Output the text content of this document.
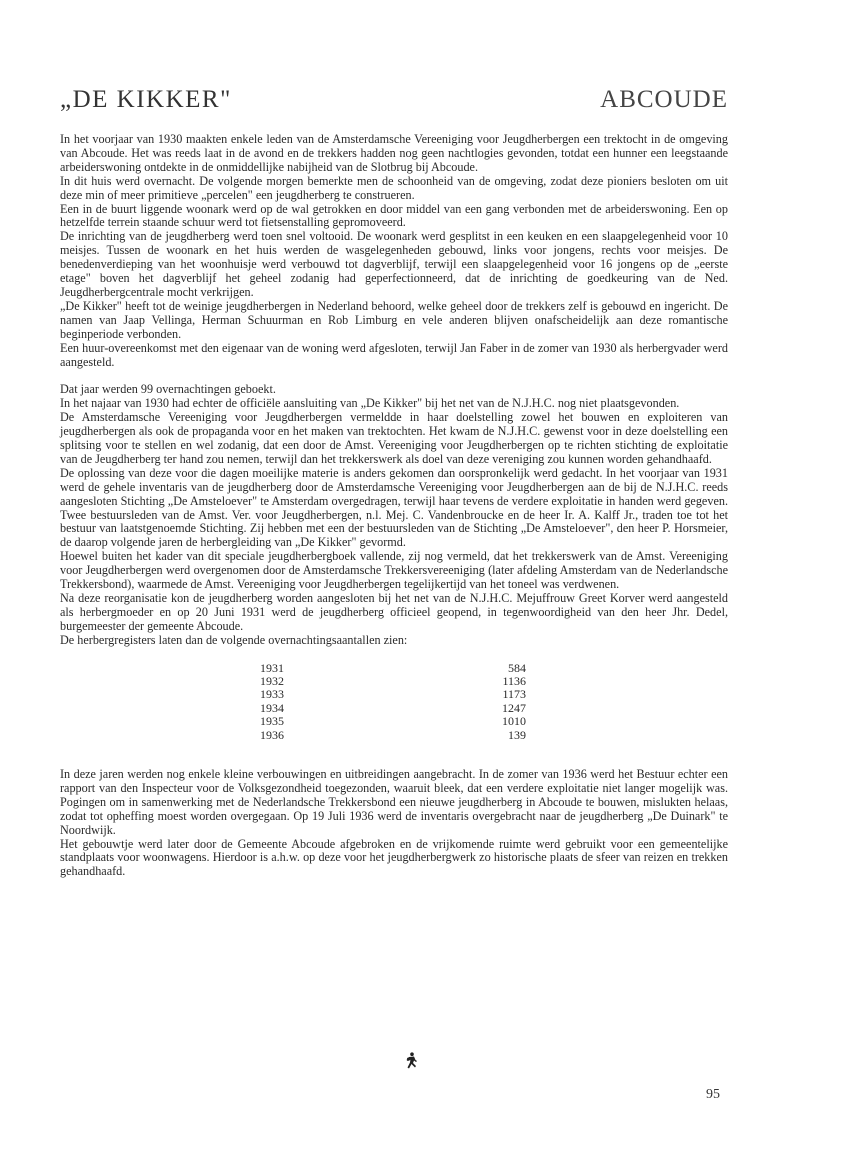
„DE KIKKER"	ABCOUDE

In het voorjaar van 1930 maakten enkele leden van de Amsterdamsche Vereeniging voor Jeugdherbergen een trektocht in de omgeving van Abcoude. Het was reeds laat in de avond en de trekkers hadden nog geen nachtlogies gevonden, totdat een hunner een leegstaande arbeiderswoning ontdekte in de onmiddellijke nabijheid van de Slotbrug bij Abcoude.

In dit huis werd overnacht. De volgende morgen bemerkte men de schoonheid van de omgeving, zodat deze pioniers besloten om uit deze min of meer primitieve „percelen" een jeugdherberg te construeren.

Een in de buurt liggende woonark werd op de wal getrokken en door middel van een gang verbonden met de arbeiderswoning. Een op hetzelfde terrein staande schuur werd tot fietsenstalling gepromoveerd.

De inrichting van de jeugdherberg werd toen snel voltooid. De woonark werd gesplitst in een keuken en een slaapgelegenheid voor 10 meisjes. Tussen de woonark en het huis werden de wasgelegenheden gebouwd, links voor jongens, rechts voor meisjes. De benedenverdieping van het woonhuisje werd verbouwd tot dagverblijf, terwijl een slaapgelegenheid voor 16 jongens op de „eerste etage" boven het dagverblijf het geheel zodanig had geperfectionneerd, dat de inrichting de goedkeuring van de Ned. Jeugdherbergcentrale mocht verkrijgen.

„De Kikker" heeft tot de weinige jeugdherbergen in Nederland behoord, welke geheel door de trekkers zelf is gebouwd en ingericht. De namen van Jaap Vellinga, Herman Schuurman en Rob Limburg en vele anderen blijven onafscheidelijk aan deze romantische beginperiode verbonden.

Een huur-overeenkomst met den eigenaar van de woning werd afgesloten, terwijl Jan Faber in de zomer van 1930 als herbergvader werd aangesteld.

Dat jaar werden 99 overnachtingen geboekt.

In het najaar van 1930 had echter de officiële aansluiting van „De Kikker" bij het net van de N.J.H.C. nog niet plaatsgevonden.

De Amsterdamsche Vereeniging voor Jeugdherbergen vermeldde in haar doelstelling zowel het bouwen en exploiteren van jeugdherbergen als ook de propaganda voor en het maken van trektochten. Het kwam de N.J.H.C. gewenst voor in deze doelstelling een splitsing voor te stellen en wel zodanig, dat een door de Amst. Vereeniging voor Jeugdherbergen op te richten stichting de exploitatie van de Jeugdherberg ter hand zou nemen, terwijl dan het trekkerswerk als doel van deze vereniging zou kunnen worden gehandhaafd.

De oplossing van deze voor die dagen moeilijke materie is anders gekomen dan oorspronkelijk werd gedacht. In het voorjaar van 1931 werd de gehele inventaris van de jeugdherberg door de Amsterdamsche Vereeniging voor Jeugdherbergen aan de bij de N.J.H.C. reeds aangesloten Stichting „De Amsteloever" te Amsterdam overgedragen, terwijl haar tevens de verdere exploitatie in handen werd gegeven. Twee bestuursleden van de Amst. Ver. voor Jeugdherbergen, n.l. Mej. C. Vandenbroucke en de heer Ir. A. Kalff Jr., traden toe tot het bestuur van laatstgenoemde Stichting. Zij hebben met een der bestuursleden van de Stichting „De Amsteloever", den heer P. Horsmeier, de daarop volgende jaren de herbergleiding van „De Kikker" gevormd.

Hoewel buiten het kader van dit speciale jeugdherbergboek vallende, zij nog vermeld, dat het trekkerswerk van de Amst. Vereeniging voor Jeugdherbergen werd overgenomen door de Amsterdamsche Trekkersvereeniging (later afdeling Amsterdam van de Nederlandsche Trekkersbond), waarmede de Amst. Vereeniging voor Jeugdherbergen tegelijkertijd van het toneel was verdwenen.

Na deze reorganisatie kon de jeugdherberg worden aangesloten bij het net van de N.J.H.C. Mejuffrouw Greet Korver werd aangesteld als herbergmoeder en op 20 Juni 1931 werd de jeugdherberg officieel geopend, in tegenwoordigheid van den heer Jhr. Dedel, burgemeester der gemeente Abcoude.

De herbergregisters laten dan de volgende overnachtingsaantallen zien:

1931	584
1932	1136
1933	1173
1934	1247
1935	1010
1936	139

In deze jaren werden nog enkele kleine verbouwingen en uitbreidingen aangebracht. In de zomer van 1936 werd het Bestuur echter een rapport van den Inspecteur voor de Volksgezondheid toegezonden, waaruit bleek, dat een verdere exploitatie niet langer mogelijk was. Pogingen om in samenwerking met de Nederlandsche Trekkersbond een nieuwe jeugdherberg in Abcoude te bouwen, mislukten helaas, zodat tot opheffing moest worden overgegaan. Op 19 Juli 1936 werd de inventaris overgebracht naar de jeugdherberg „De Duinark" te Noordwijk.

Het gebouwtje werd later door de Gemeente Abcoude afgebroken en de vrijkomende ruimte werd gebruikt voor een gemeentelijke standplaats voor woonwagens. Hierdoor is a.h.w. op deze voor het jeugdherbergwerk zo historische plaats de sfeer van reizen en trekken gehandhaafd.

95
